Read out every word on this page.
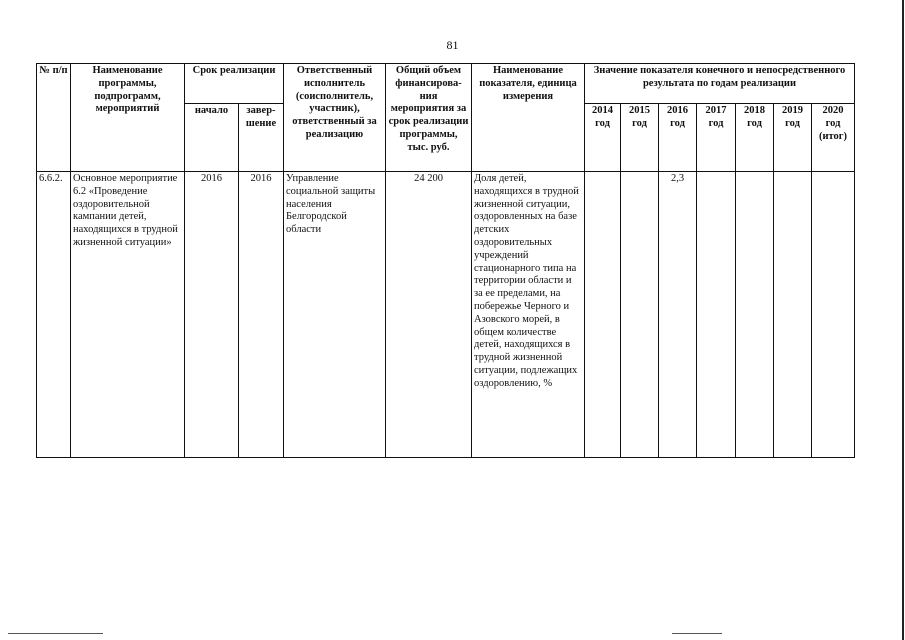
81
№ п/п	Наименование программы, подпрограмм, мероприятий	Срок реализации		Ответственный исполнитель (соисполнитель, участник), ответственный за реализацию	Общий объем финансирова-ния мероприятия за срок реализации программы, тыс. руб.	Наименование показателя, единица измерения	Значение показателя конечного и непосредственного результата по годам реализации						
		начало	завер-шение				2014 год	2015 год	2016 год	2017 год	2018 год	2019 год	2020 год (итог)
6.6.2.	Основное мероприятие 6.2 «Проведение оздоровительной кампании детей, находящихся в трудной жизненной ситуации»	2016	2016	Управление социальной защиты населения Белгородской области	24 200	Доля детей, находящихся в трудной жизненной ситуации, оздоровленных на базе детских оздоровительных учреждений стационарного типа на территории области и за ее пределами, на побережье Черного и Азовского морей, в общем количестве детей, находящихся в трудной жизненной ситуации, подлежащих оздоровлению, %			2,3				
